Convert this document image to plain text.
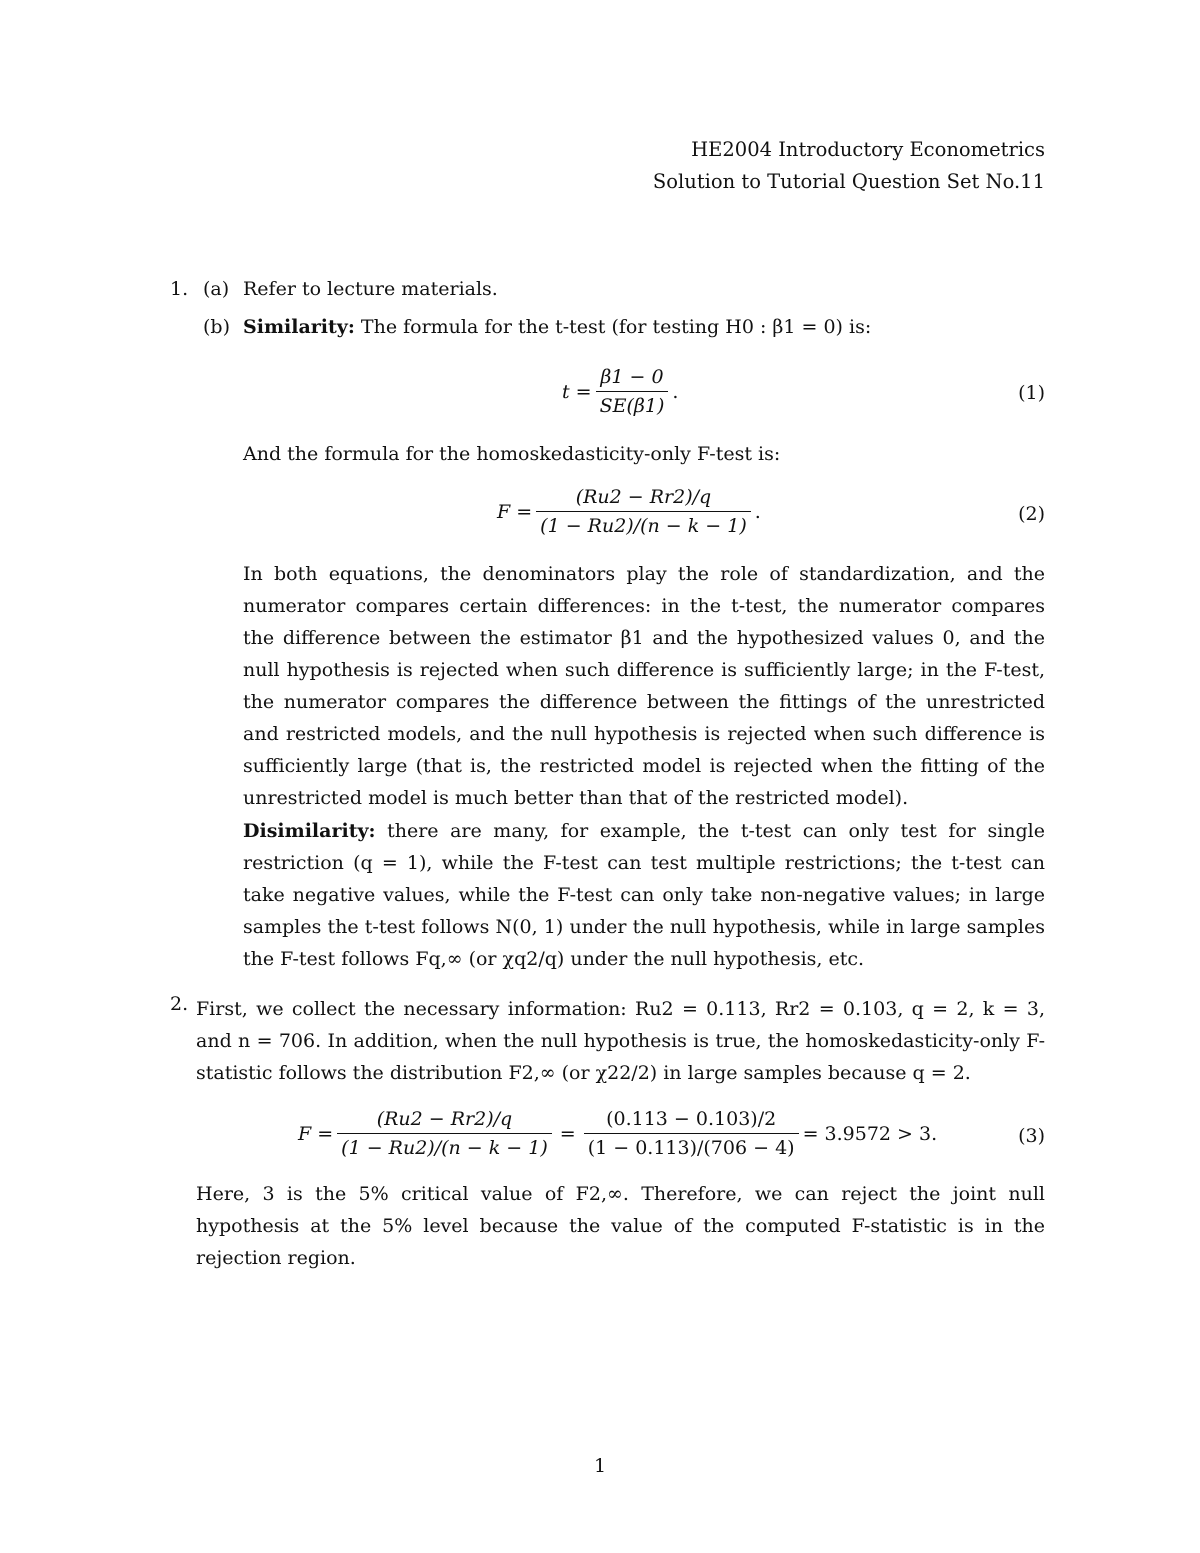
HE2004 Introductory Econometrics
Solution to Tutorial Question Set No.11
1. (a) Refer to lecture materials.
(b) Similarity: The formula for the t-test (for testing H0 : β1 = 0) is:
$t = \frac{\beta 1 - 0}{SE(\beta 1)}$ .	(1)
And the formula for the homoskedasticity-only F-test is:
$F = \frac{(Ru2 - Rr2)/q}{(1 - Ru2)/(n - k - 1)}$ .	(2)
In both equations, the denominators play the role of standardization, and the numerator compares certain differences: in the t-test, the numerator compares the difference between the estimator β1 and the hypothesized values 0, and the null hypothesis is rejected when such difference is sufficiently large; in the F-test, the numerator compares the difference between the fittings of the unrestricted and restricted models, and the null hypothesis is rejected when such difference is sufficiently large (that is, the restricted model is rejected when the fitting of the unrestricted model is much better than that of the restricted model).
Disimilarity: there are many, for example, the t-test can only test for single restriction (q = 1), while the F-test can test multiple restrictions; the t-test can take negative values, while the F-test can only take non-negative values; in large samples the t-test follows N(0, 1) under the null hypothesis, while in large samples the F-test follows Fq,∞ (or χq2/q) under the null hypothesis, etc.
2. First, we collect the necessary information: Ru2 = 0.113, Rr2 = 0.103, q = 2, k = 3, and n = 706. In addition, when the null hypothesis is true, the homoskedasticity-only F-statistic follows the distribution F2,∞ (or χ22/2) in large samples because q = 2.
$F = \frac{(Ru2 - Rr2)/q}{(1 - Ru2)/(n - k - 1)} = \frac{(0.113 - 0.103)/2}{(1 - 0.113)/(706 - 4)} = 3.9572 > 3$.	(3)
Here, 3 is the 5% critical value of F2,∞. Therefore, we can reject the joint null hypothesis at the 5% level because the value of the computed F-statistic is in the rejection region.
1
